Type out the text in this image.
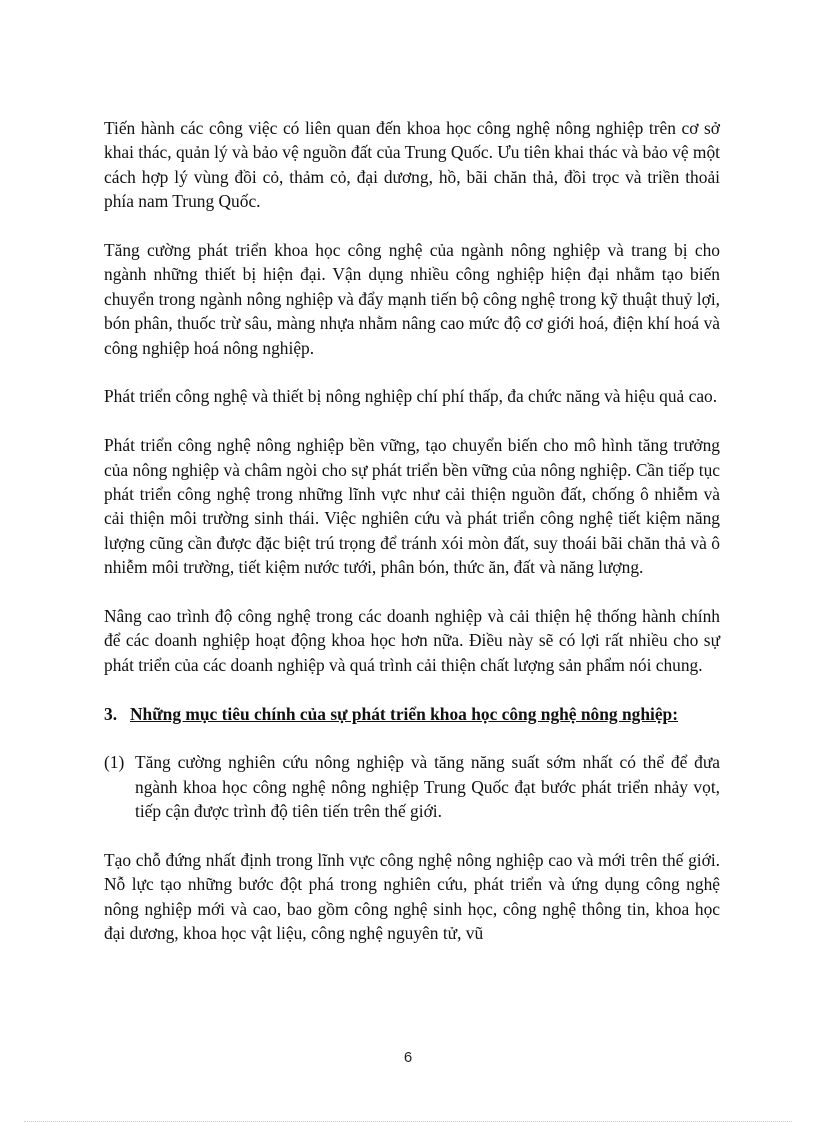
Tiến hành các công việc có liên quan đến khoa học công nghệ nông nghiệp trên cơ sở khai thác, quản lý và bảo vệ nguồn đất của Trung Quốc. Ưu tiên khai thác và bảo vệ một cách hợp lý vùng đồi cỏ, thảm cỏ, đại dương, hồ, bãi chăn thả, đồi trọc và triền thoải phía nam Trung Quốc.

Tăng cường phát triển khoa học công nghệ của ngành nông nghiệp và trang bị cho ngành những thiết bị hiện đại. Vận dụng nhiều công nghiệp hiện đại nhằm tạo biến chuyển trong ngành nông nghiệp và đẩy mạnh tiến bộ công nghệ trong kỹ thuật thuỷ lợi, bón phân, thuốc trừ sâu, màng nhựa nhằm nâng cao mức độ cơ giới hoá, điện khí hoá và công nghiệp hoá nông nghiệp.

Phát triển công nghệ và thiết bị nông nghiệp chí phí thấp, đa chức năng và hiệu quả cao.

Phát triển công nghệ nông nghiệp bền vững, tạo chuyển biến cho mô hình tăng trưởng của nông nghiệp và châm ngòi cho sự phát triển bền vững của nông nghiệp. Cần tiếp tục phát triển công nghệ trong những lĩnh vực như cải thiện nguồn đất, chống ô nhiễm và cải thiện môi trường sinh thái. Việc nghiên cứu và phát triển công nghệ tiết kiệm năng lượng cũng cần được đặc biệt trú trọng để tránh xói mòn đất, suy thoái bãi chăn thả và ô nhiễm môi trường, tiết kiệm nước tưới, phân bón, thức ăn, đất và năng lượng.

Nâng cao trình độ công nghệ trong các doanh nghiệp và cải thiện hệ thống hành chính để các doanh nghiệp hoạt động khoa học hơn nữa. Điều này sẽ có lợi rất nhiều cho sự phát triển của các doanh nghiệp và quá trình cải thiện chất lượng sản phẩm nói chung.

3. Những mục tiêu chính của sự phát triển khoa học công nghệ nông nghiệp:
(1) Tăng cường nghiên cứu nông nghiệp và tăng năng suất sớm nhất có thể để đưa ngành khoa học công nghệ nông nghiệp Trung Quốc đạt bước phát triển nhảy vọt, tiếp cận được trình độ tiên tiến trên thế giới.

Tạo chỗ đứng nhất định trong lĩnh vực công nghệ nông nghiệp cao và mới trên thế giới. Nỗ lực tạo những bước đột phá trong nghiên cứu, phát triển và ứng dụng công nghệ nông nghiệp mới và cao, bao gồm công nghệ sinh học, công nghệ thông tin, khoa học đại dương, khoa học vật liệu, công nghệ nguyên tử, vũ

6
